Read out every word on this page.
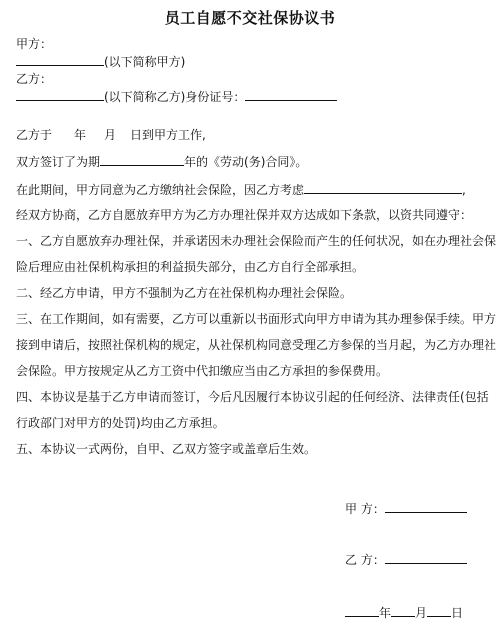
员工自愿不交社保协议书
甲方：
(以下简称甲方)
乙方：
(以下简称乙方)身份证号：
乙方于 年 月 日到甲方工作,
双方签订了为期	年的《劳动(务)合同》。
在此期间，甲方同意为乙方缴纳社会保险，因乙方考虑	,
经双方协商，乙方自愿放弃甲方为乙方办理社保并双方达成如下条款，以资共同遵守：
一、乙方自愿放弃办理社保，并承诺因未办理社会保险而产生的任何状况，如在办理社会保
险后理应由社保机构承担的利益损失部分，由乙方自行全部承担。
二、经乙方申请，甲方不强制为乙方在社保机构办理社会保险。
三、在工作期间，如有需要，乙方可以重新以书面形式向甲方申请为其办理参保手续。甲方
接到申请后，按照社保机构的规定，从社保机构同意受理乙方参保的当月起，为乙方办理社
会保险。甲方按规定从乙方工资中代扣缴应当由乙方承担的参保费用。
四、本协议是基于乙方申请而签订，今后凡因履行本协议引起的任何经济、法律责任(包括
行政部门对甲方的处罚)均由乙方承担。
五、本协议一式两份，自甲、乙双方签字或盖章后生效。
甲 方：
乙 方：
年 月 日
